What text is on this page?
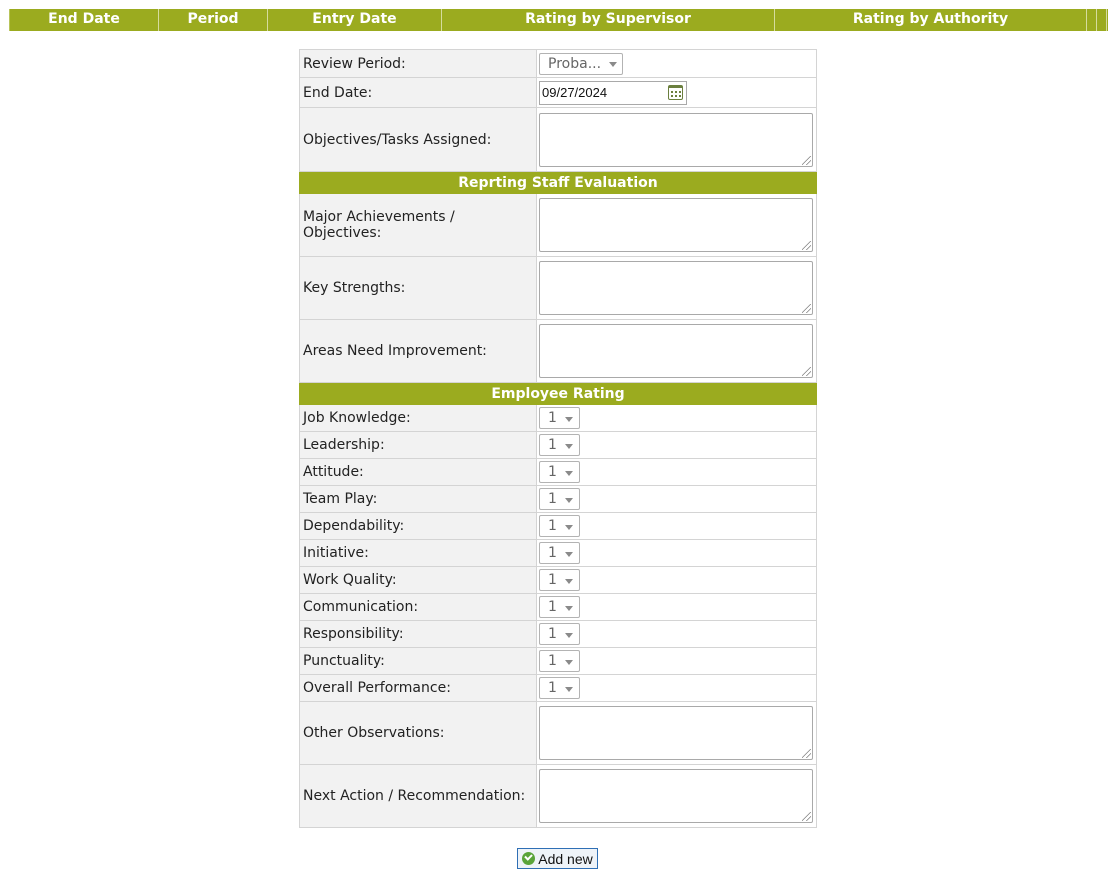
End Date	Period	Entry Date	Rating by Supervisor	Rating by Authority
Review Period:	Proba...

End Date:	09/27/2024

Objectives/Tasks Assigned:	

Reprting Staff Evaluation	
Major Achievements / Objectives:	

Key Strengths:	

Areas Need Improvement:	

Employee Rating	
Job Knowledge:	1

Leadership:	1

Attitude:	1

Team Play:	1

Dependability:	1

Initiative:	1

Work Quality:	1

Communication:	1

Responsibility:	1

Punctuality:	1

Overall Performance:	1

Other Observations:	

Next Action / Recommendation:	
Add new
